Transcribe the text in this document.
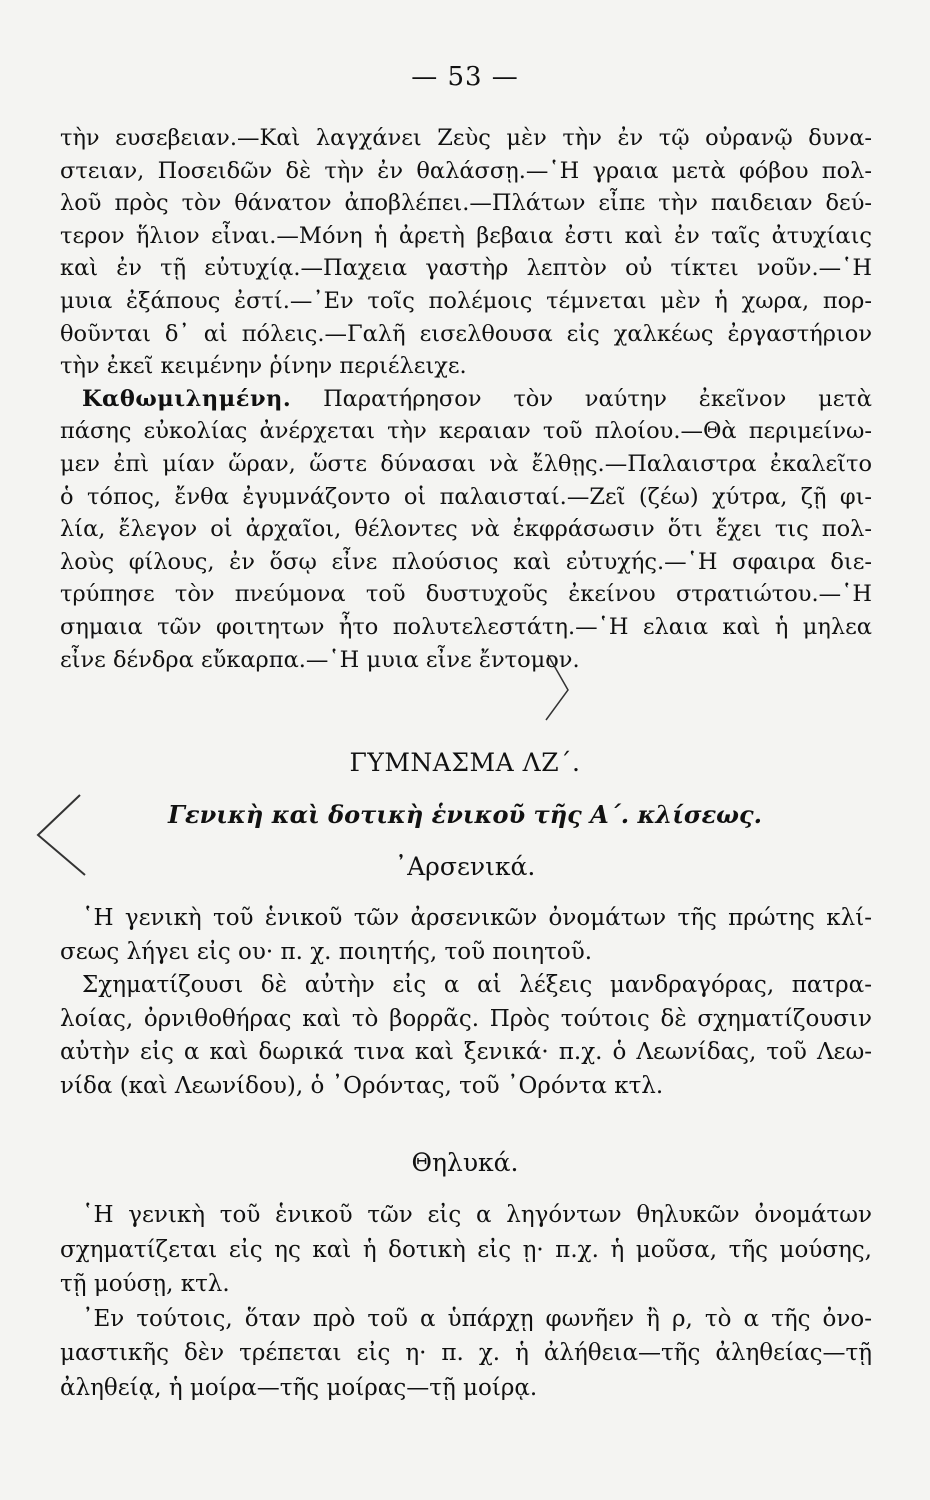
— 53 —
τὴν ευσεβειαν.—Καὶ λαγχάνει Ζεὺς μὲν τὴν ἐν τῷ οὐρανῷ δυνα-
στειαν, Ποσειδῶν δὲ τὴν ἐν θαλάσσῃ.—῾Η γραια μετὰ φόβου πολ-
λοῦ πρὸς τὸν θάνατον ἀποβλέπει.—Πλάτων εἶπε τὴν παιδειαν δεύ-
τερον ἥλιον εἶναι.—Μόνη ἡ ἀρετὴ βεβαια ἐστι καὶ ἐν ταῖς ἀτυχίαις
καὶ ἐν τῇ εὐτυχίᾳ.—Παχεια γαστὴρ λεπτὸν οὐ τίκτει νοῦν.—῾Η
μυια ἐξάπους ἐστί.—᾿Εν τοῖς πολέμοις τέμνεται μὲν ἡ χωρα, πορ-
θοῦνται δ᾽ αἱ πόλεις.—Γαλῆ εισελθουσα εἰς χαλκέως ἐργαστήριον
τὴν ἐκεῖ κειμένην ῥίνην περιέλειχε.
Καθωμιλημένη. Παρατήρησον τὸν ναύτην ἐκεῖνον μετὰ
πάσης εὐκολίας ἀνέρχεται τὴν κεραιαν τοῦ πλοίου.—Θὰ περιμείνω-
μεν ἐπὶ μίαν ὥραν, ὥστε δύνασαι νὰ ἔλθῃς.—Παλαιστρα ἐκαλεῖτο
ὁ τόπος, ἔνθα ἐγυμνάζοντο οἱ παλαισταί.—Ζεῖ (ζέω) χύτρα, ζῇ φι-
λία, ἔλεγον οἱ ἀρχαῖοι, θέλοντες νὰ ἐκφράσωσιν ὅτι ἔχει τις πολ-
λοὺς φίλους, ἐν ὅσῳ εἶνε πλούσιος καὶ εὐτυχής.—῾Η σφαιρα διε-
τρύπησε τὸν πνεύμονα τοῦ δυστυχοῦς ἐκείνου στρατιώτου.—῾Η
σημαια τῶν φοιτητων ἦτο πολυτελεστάτη.—῾Η ελαια καὶ ἡ μηλεα
εἶνε δένδρα εὔκαρπα.—῾Η μυια εἶνε ἔντομον.
ΓΥΜΝΑΣΜΑ ΛΖ΄.
Γενικὴ καὶ δοτικὴ ἑνικοῦ τῆς Α΄. κλίσεως.
᾿Αρσενικά.
῾Η γενικὴ τοῦ ἑνικοῦ τῶν ἀρσενικῶν ὀνομάτων τῆς πρώτης κλί-
σεως λήγει εἰς ου· π. χ. ποιητής, τοῦ ποιητοῦ.
Σχηματίζουσι δὲ αὐτὴν εἰς α αἱ λέξεις μανδραγόρας, πατρα-
λοίας, ὀρνιθοθήρας καὶ τὸ βορρᾶς. Πρὸς τούτοις δὲ σχηματίζουσιν
αὐτὴν εἰς α καὶ δωρικά τινα καὶ ξενικά· π.χ. ὁ Λεωνίδας, τοῦ Λεω-
νίδα (καὶ Λεωνίδου), ὁ ᾿Ορόντας, τοῦ ᾿Ορόντα κτλ.
Θηλυκά.
῾Η γενικὴ τοῦ ἑνικοῦ τῶν εἰς α ληγόντων θηλυκῶν ὀνομάτων
σχηματίζεται εἰς ης καὶ ἡ δοτικὴ εἰς ῃ· π.χ. ἡ μοῦσα, τῆς μούσης,
τῇ μούσῃ, κτλ.
᾿Εν τούτοις, ὅταν πρὸ τοῦ α ὑπάρχῃ φωνῆεν ἢ ρ, τὸ α τῆς ὀνο-
μαστικῆς δὲν τρέπεται εἰς η· π. χ. ἡ ἀλήθεια—τῆς ἀληθείας—τῇ
ἀληθείᾳ, ἡ μοίρα—τῆς μοίρας—τῇ μοίρᾳ.
